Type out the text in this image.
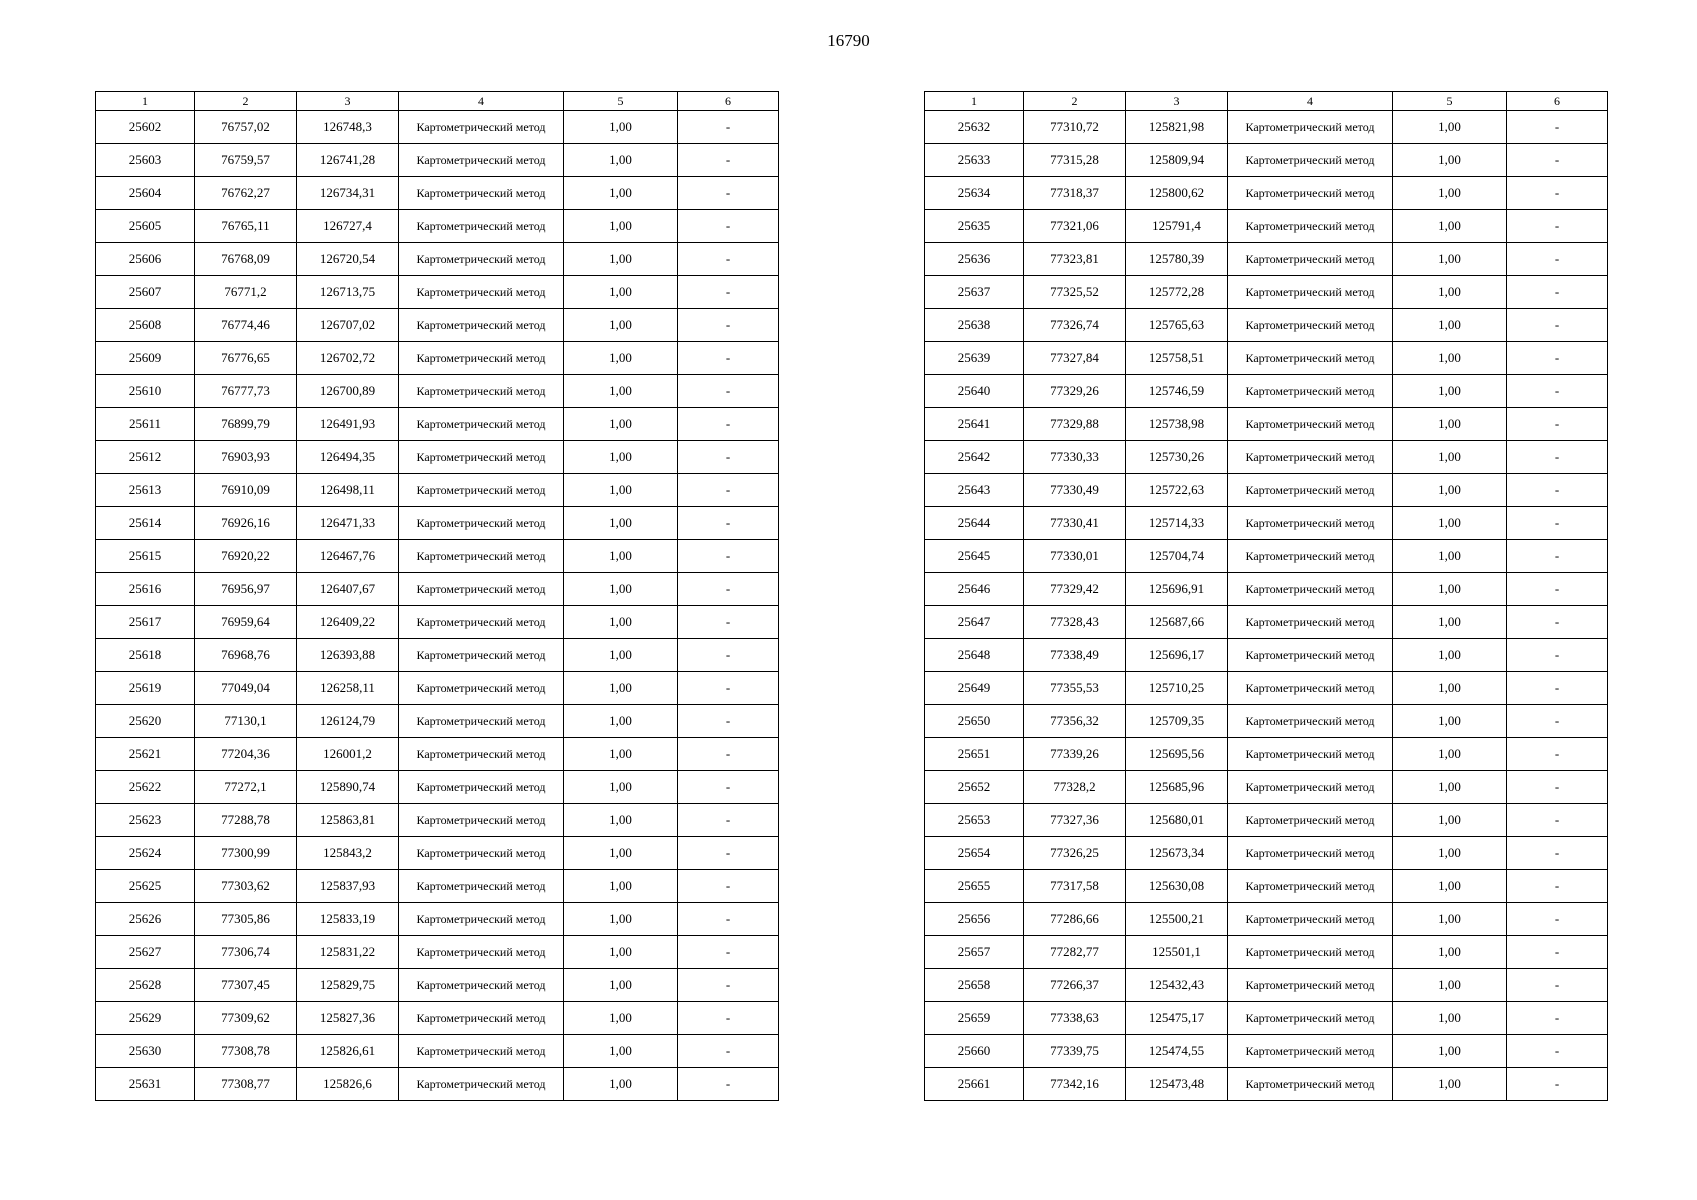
16790
1	2	3	4	5	6
25602	76757,02	126748,3	Картометрический метод	1,00	-
25603	76759,57	126741,28	Картометрический метод	1,00	-
25604	76762,27	126734,31	Картометрический метод	1,00	-
25605	76765,11	126727,4	Картометрический метод	1,00	-
25606	76768,09	126720,54	Картометрический метод	1,00	-
25607	76771,2	126713,75	Картометрический метод	1,00	-
25608	76774,46	126707,02	Картометрический метод	1,00	-
25609	76776,65	126702,72	Картометрический метод	1,00	-
25610	76777,73	126700,89	Картометрический метод	1,00	-
25611	76899,79	126491,93	Картометрический метод	1,00	-
25612	76903,93	126494,35	Картометрический метод	1,00	-
25613	76910,09	126498,11	Картометрический метод	1,00	-
25614	76926,16	126471,33	Картометрический метод	1,00	-
25615	76920,22	126467,76	Картометрический метод	1,00	-
25616	76956,97	126407,67	Картометрический метод	1,00	-
25617	76959,64	126409,22	Картометрический метод	1,00	-
25618	76968,76	126393,88	Картометрический метод	1,00	-
25619	77049,04	126258,11	Картометрический метод	1,00	-
25620	77130,1	126124,79	Картометрический метод	1,00	-
25621	77204,36	126001,2	Картометрический метод	1,00	-
25622	77272,1	125890,74	Картометрический метод	1,00	-
25623	77288,78	125863,81	Картометрический метод	1,00	-
25624	77300,99	125843,2	Картометрический метод	1,00	-
25625	77303,62	125837,93	Картометрический метод	1,00	-
25626	77305,86	125833,19	Картометрический метод	1,00	-
25627	77306,74	125831,22	Картометрический метод	1,00	-
25628	77307,45	125829,75	Картометрический метод	1,00	-
25629	77309,62	125827,36	Картометрический метод	1,00	-
25630	77308,78	125826,61	Картометрический метод	1,00	-
25631	77308,77	125826,6	Картометрический метод	1,00	-
1	2	3	4	5	6
25632	77310,72	125821,98	Картометрический метод	1,00	-
25633	77315,28	125809,94	Картометрический метод	1,00	-
25634	77318,37	125800,62	Картометрический метод	1,00	-
25635	77321,06	125791,4	Картометрический метод	1,00	-
25636	77323,81	125780,39	Картометрический метод	1,00	-
25637	77325,52	125772,28	Картометрический метод	1,00	-
25638	77326,74	125765,63	Картометрический метод	1,00	-
25639	77327,84	125758,51	Картометрический метод	1,00	-
25640	77329,26	125746,59	Картометрический метод	1,00	-
25641	77329,88	125738,98	Картометрический метод	1,00	-
25642	77330,33	125730,26	Картометрический метод	1,00	-
25643	77330,49	125722,63	Картометрический метод	1,00	-
25644	77330,41	125714,33	Картометрический метод	1,00	-
25645	77330,01	125704,74	Картометрический метод	1,00	-
25646	77329,42	125696,91	Картометрический метод	1,00	-
25647	77328,43	125687,66	Картометрический метод	1,00	-
25648	77338,49	125696,17	Картометрический метод	1,00	-
25649	77355,53	125710,25	Картометрический метод	1,00	-
25650	77356,32	125709,35	Картометрический метод	1,00	-
25651	77339,26	125695,56	Картометрический метод	1,00	-
25652	77328,2	125685,96	Картометрический метод	1,00	-
25653	77327,36	125680,01	Картометрический метод	1,00	-
25654	77326,25	125673,34	Картометрический метод	1,00	-
25655	77317,58	125630,08	Картометрический метод	1,00	-
25656	77286,66	125500,21	Картометрический метод	1,00	-
25657	77282,77	125501,1	Картометрический метод	1,00	-
25658	77266,37	125432,43	Картометрический метод	1,00	-
25659	77338,63	125475,17	Картометрический метод	1,00	-
25660	77339,75	125474,55	Картометрический метод	1,00	-
25661	77342,16	125473,48	Картометрический метод	1,00	-
